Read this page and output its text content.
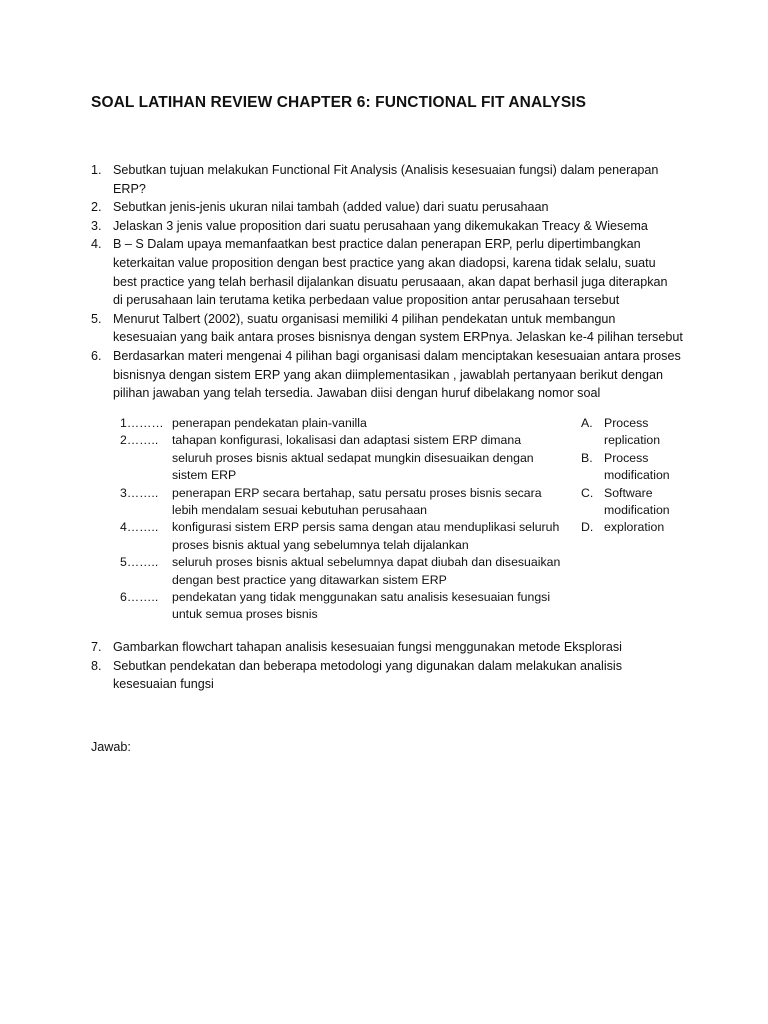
SOAL LATIHAN REVIEW CHAPTER 6: FUNCTIONAL FIT ANALYSIS
1. Sebutkan tujuan melakukan Functional Fit Analysis (Analisis kesesuaian fungsi) dalam penerapan
ERP?
2. Sebutkan jenis-jenis ukuran nilai tambah (added value) dari suatu perusahaan
3. Jelaskan 3 jenis value proposition dari suatu perusahaan yang dikemukakan Treacy & Wiesema
4. B – S Dalam upaya memanfaatkan best practice dalan penerapan ERP, perlu dipertimbangkan
keterkaitan value proposition dengan best practice yang akan diadopsi, karena tidak selalu, suatu
best practice yang telah berhasil dijalankan disuatu perusaaan, akan dapat berhasil juga diterapkan
di perusahaan lain terutama ketika perbedaan value proposition antar perusahaan tersebut
5. Menurut Talbert (2002), suatu organisasi memiliki 4 pilihan pendekatan untuk membangun
kesesuaian yang baik antara proses bisnisnya dengan system ERPnya. Jelaskan ke-4 pilihan tersebut
6. Berdasarkan materi mengenai 4 pilihan bagi organisasi dalam menciptakan kesesuaian antara proses
bisnisnya dengan sistem ERP yang akan diimplementasikan , jawablah pertanyaan berikut dengan
pilihan jawaban yang telah tersedia. Jawaban diisi dengan huruf dibelakang nomor soal
1……… penerapan pendekatan plain-vanilla
2……..	tahapan konfigurasi, lokalisasi dan adaptasi sistem ERP dimana
seluruh proses bisnis aktual sedapat mungkin disesuaikan dengan
sistem ERP
3……..	penerapan ERP secara bertahap, satu persatu proses bisnis secara
lebih mendalam sesuai kebutuhan perusahaan
4……..	konfigurasi sistem ERP persis sama dengan atau menduplikasi seluruh
proses bisnis aktual yang sebelumnya telah dijalankan
5……..	seluruh proses bisnis aktual sebelumnya dapat diubah dan disesuaikan
dengan best practice yang ditawarkan sistem ERP
6……..	pendekatan yang tidak menggunakan satu analisis kesesuaian fungsi
untuk semua proses bisnis
A. Process
replication
B. Process
modification
C. Software
modification
D. exploration
7. Gambarkan flowchart tahapan analisis kesesuaian fungsi menggunakan metode Eksplorasi
8. Sebutkan pendekatan dan beberapa metodologi yang digunakan dalam melakukan analisis
kesesuaian fungsi
Jawab:
